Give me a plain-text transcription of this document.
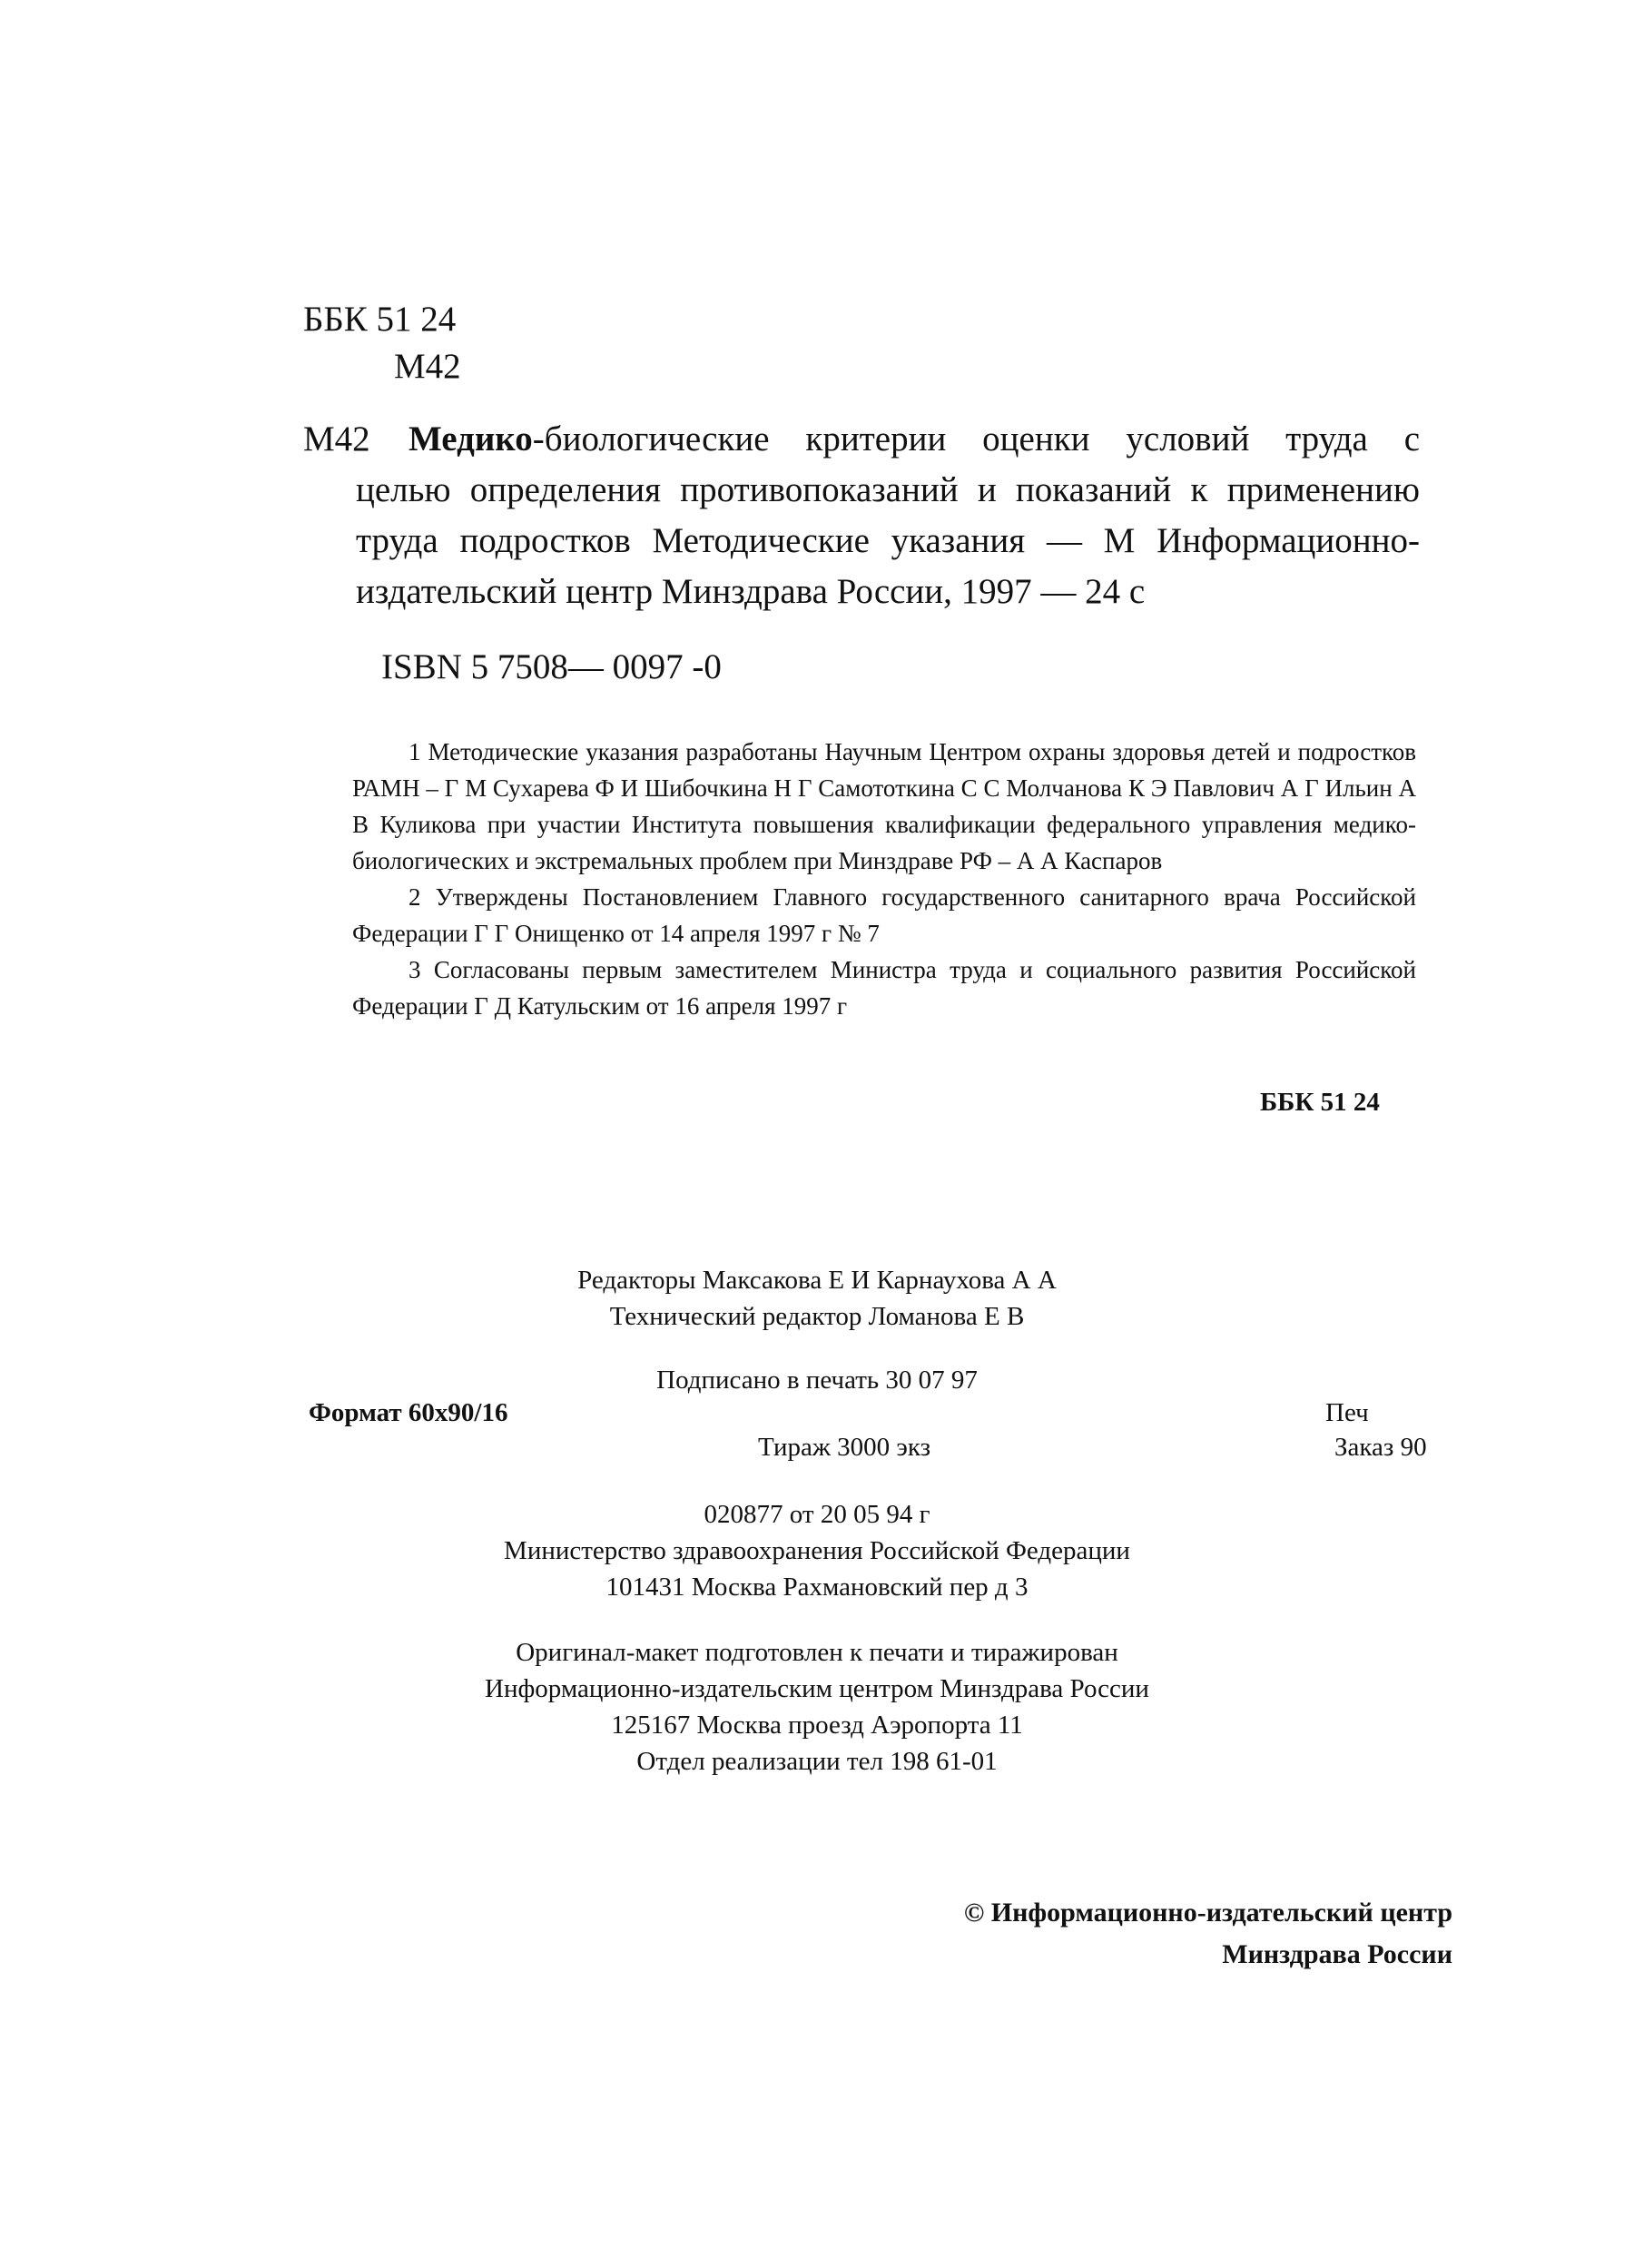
ББК 51 24
М42
М42 Медико-биологические критерии оценки условий труда с
целью определения противопоказаний и показаний к применению
труда подростков Методические указания — М Информационно-
издательский центр Минздрава России, 1997 — 24 с
ISBN 5 7508— 0097 -0

1 Методические указания разработаны Научным Центром охраны здоровья детей и подростков РАМН – Г М Сухарева Ф И Шибочкина Н Г Самототкина С С Молчанова К Э Павлович А Г Ильин А В Куликова при участии Института повышения квалификации федерального управления медико-биологических и экстремальных проблем при Минздраве РФ – А А Каспаров

2 Утверждены Постановлением Главного государственного санитарного врача Российской Федерации Г Г Онищенко от 14 апреля 1997 г № 7

3 Согласованы первым заместителем Министра труда и социального развития Российской Федерации Г Д Катульским от 16 апреля 1997 г

ББК 51 24
Редакторы Максакова Е И Карнаухова А А
Технический редактор Ломанова Е В
Подписано в печать 30 07 97
Формат 60х90/16	Печ
Тираж 3000 экз	Заказ 90
020877 от 20 05 94 г
Министерство здравоохранения Российской Федерации
101431 Москва Рахмановский пер д 3
Оригинал-макет подготовлен к печати и тиражирован
Информационно-издательским центром Минздрава России
125167 Москва проезд Аэропорта 11
Отдел реализации тел 198 61-01
© Информационно-издательский центр
Минздрава России
